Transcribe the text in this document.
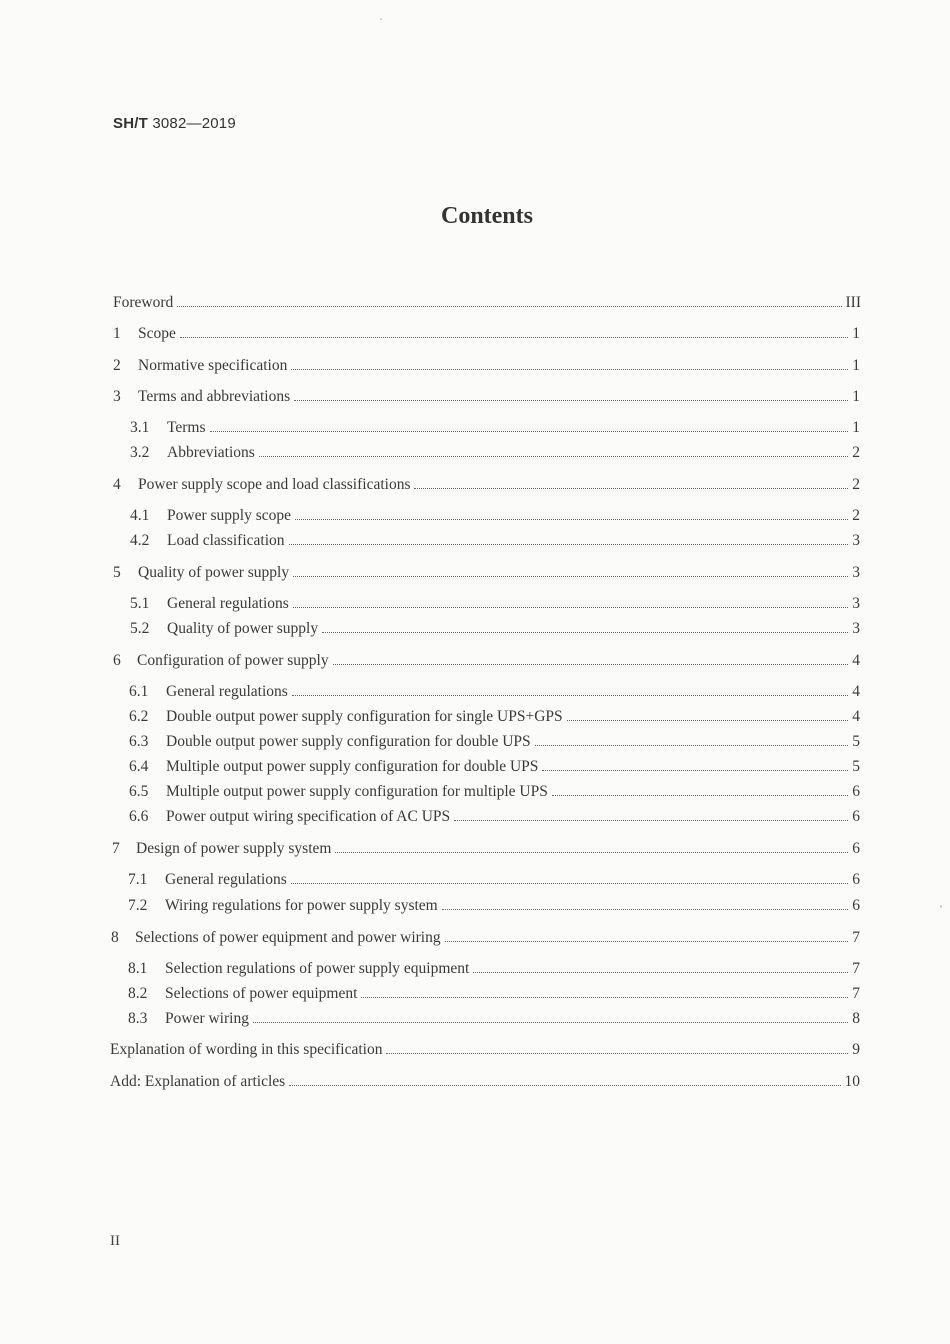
SH/T 3082—2019
Contents
Foreword	III
1	Scope	1
2	Normative specification	1
3	Terms and abbreviations	1
3.1	Terms	1
3.2	Abbreviations	2
4	Power supply scope and load classifications	2
4.1	Power supply scope	2
4.2	Load classification	3
5	Quality of power supply	3
5.1	General regulations	3
5.2	Quality of power supply	3
6	Configuration of power supply	4
6.1	General regulations	4
6.2	Double output power supply configuration for single UPS+GPS	4
6.3	Double output power supply configuration for double UPS	5
6.4	Multiple output power supply configuration for double UPS	5
6.5	Multiple output power supply configuration for multiple UPS	6
6.6	Power output wiring specification of AC UPS	6
7	Design of power supply system	6
7.1	General regulations	6
7.2	Wiring regulations for power supply system	6
8	Selections of power equipment and power wiring	7
8.1	Selection regulations of power supply equipment	7
8.2	Selections of power equipment	7
8.3	Power wiring	8
Explanation of wording in this specification	9
Add: Explanation of articles	10
II
